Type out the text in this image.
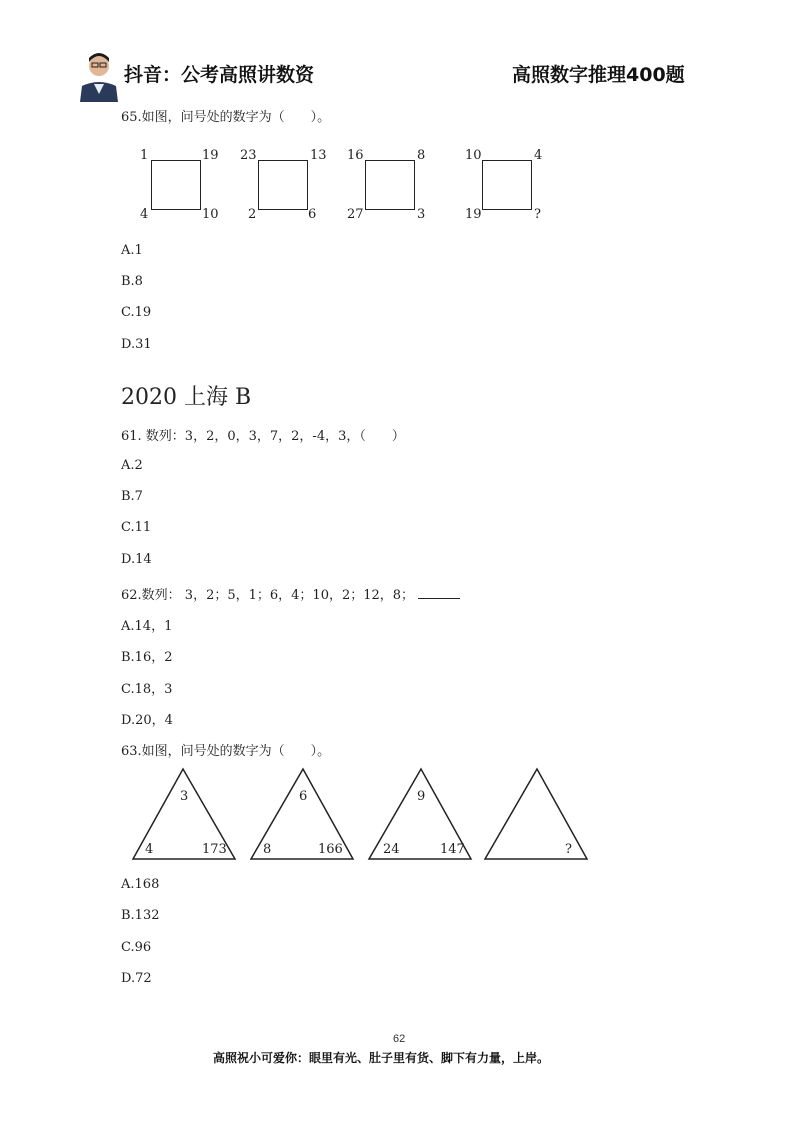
抖音：公考高照讲数资	高照数字推理400题
65.如图，问号处的数字为（　　）。
1	19
4	10
23	13
2	6
16	8
27	3
10	4
19	?
A.1
B.8
C.19
D.31
2020 上海 B
61. 数列：3，2，0，3，7，2，-4，3，（　　）
A.2
B.7
C.11
D.14
62.数列： 3，2；5，1；6，4；10，2；12，8；
A.14，1
B.16，2
C.18，3
D.20，4
63.如图，问号处的数字为（　　）。
3
4	173
6
8	166
9
24	147	?
A.168
B.132
C.96
D.72
62
高照祝小可爱你：眼里有光、肚子里有货、脚下有力量，上岸。
